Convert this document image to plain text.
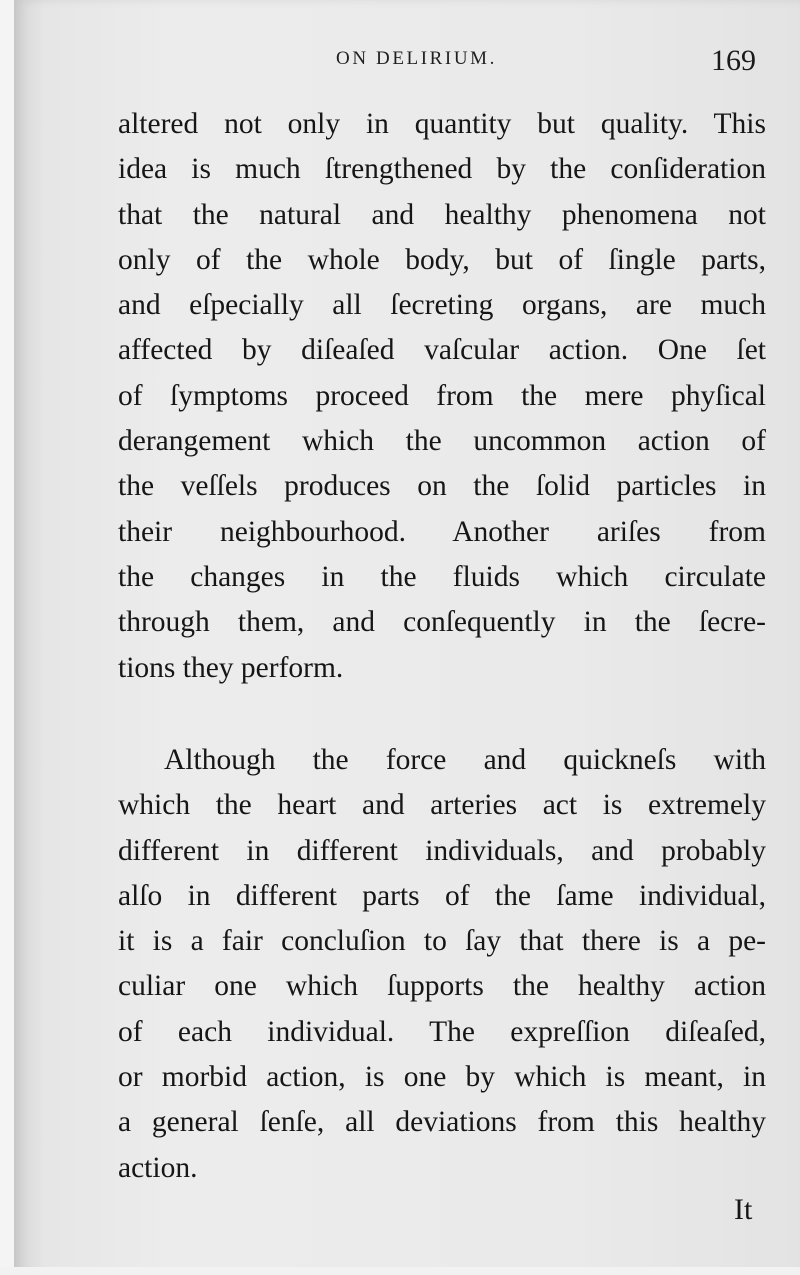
ON DELIRIUM.	169
altered not only in quantity but quality. This
idea is much ſtrengthened by the conſideration
that the natural and healthy phenomena not
only of the whole body, but of ſingle parts,
and eſpecially all ſecreting organs, are much
affected by diſeaſed vaſcular action. One ſet
of ſymptoms proceed from the mere phyſical
derangement which the uncommon action of
the veſſels produces on the ſolid particles in
their neighbourhood. Another ariſes from
the changes in the fluids which circulate
through them, and conſequently in the ſecre-
tions they perform.
Although the force and quickneſs with
which the heart and arteries act is extremely
different in different individuals, and probably
alſo in different parts of the ſame individual,
it is a fair concluſion to ſay that there is a pe-
culiar one which ſupports the healthy action
of each individual. The expreſſion diſeaſed,
or morbid action, is one by which is meant, in
a general ſenſe, all deviations from this healthy
action.
It
